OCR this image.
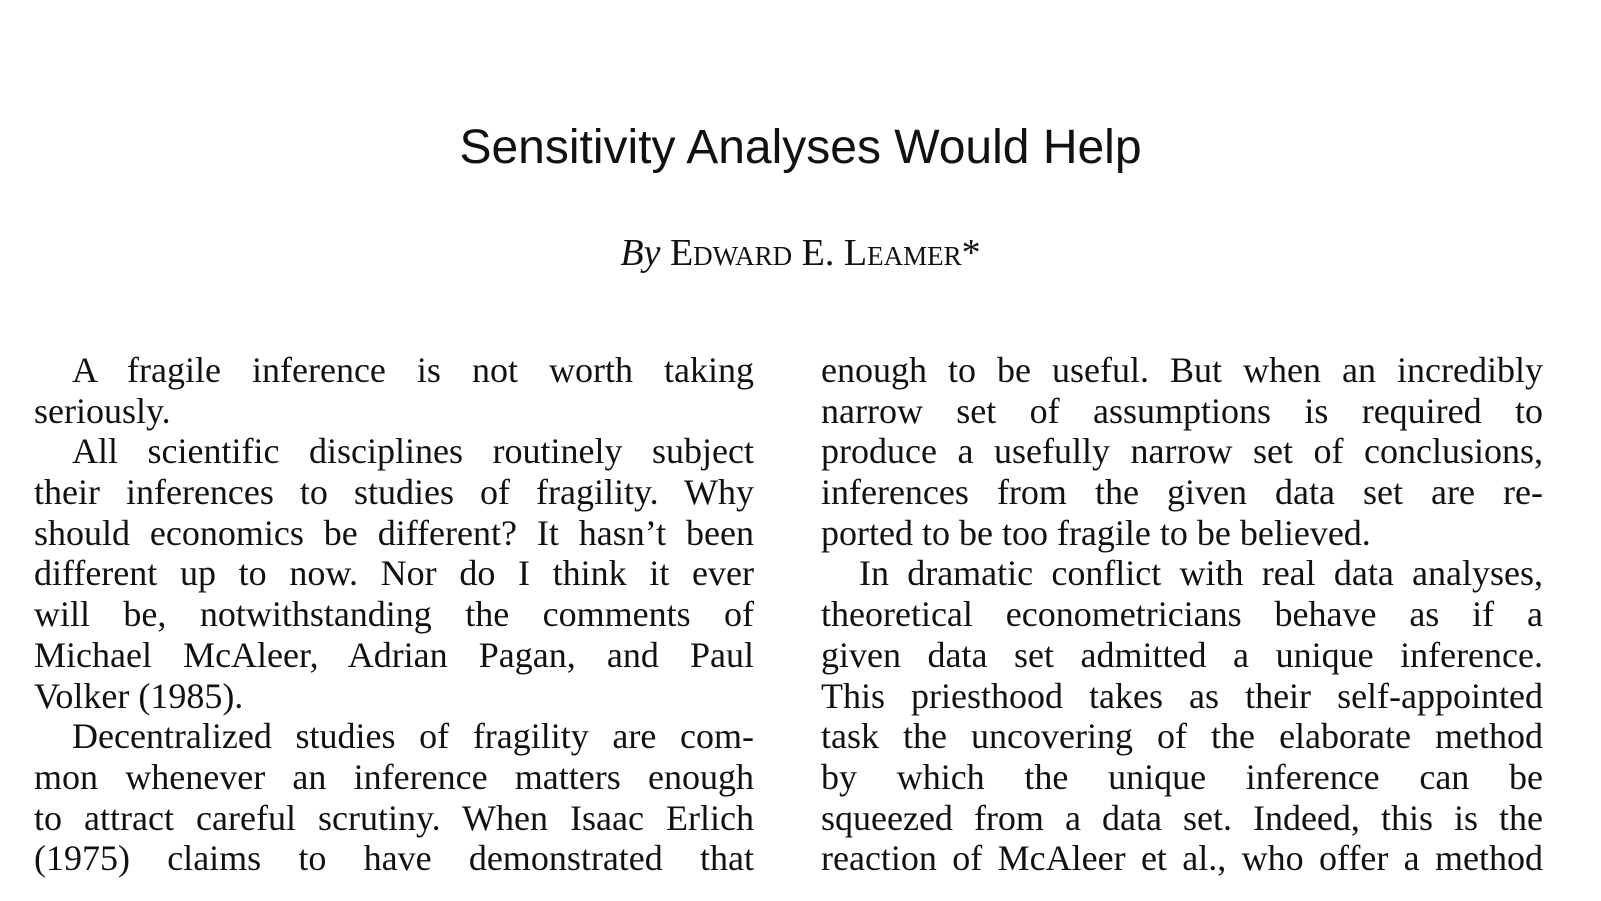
Sensitivity Analyses Would Help
By Edward E. Leamer*
A fragile inference is not worth taking
seriously.
All scientific disciplines routinely subject
their inferences to studies of fragility. Why
should economics be different? It hasn’t been
different up to now. Nor do I think it ever
will be, notwithstanding the comments of
Michael McAleer, Adrian Pagan, and Paul
Volker (1985).
Decentralized studies of fragility are com-
mon whenever an inference matters enough
to attract careful scrutiny. When Isaac Erlich
(1975) claims to have demonstrated that
enough to be useful. But when an incredibly
narrow set of assumptions is required to
produce a usefully narrow set of conclusions,
inferences from the given data set are re-
ported to be too fragile to be believed.
In dramatic conflict with real data analyses,
theoretical econometricians behave as if a
given data set admitted a unique inference.
This priesthood takes as their self-appointed
task the uncovering of the elaborate method
by which the unique inference can be
squeezed from a data set. Indeed, this is the
reaction of McAleer et al., who offer a method
